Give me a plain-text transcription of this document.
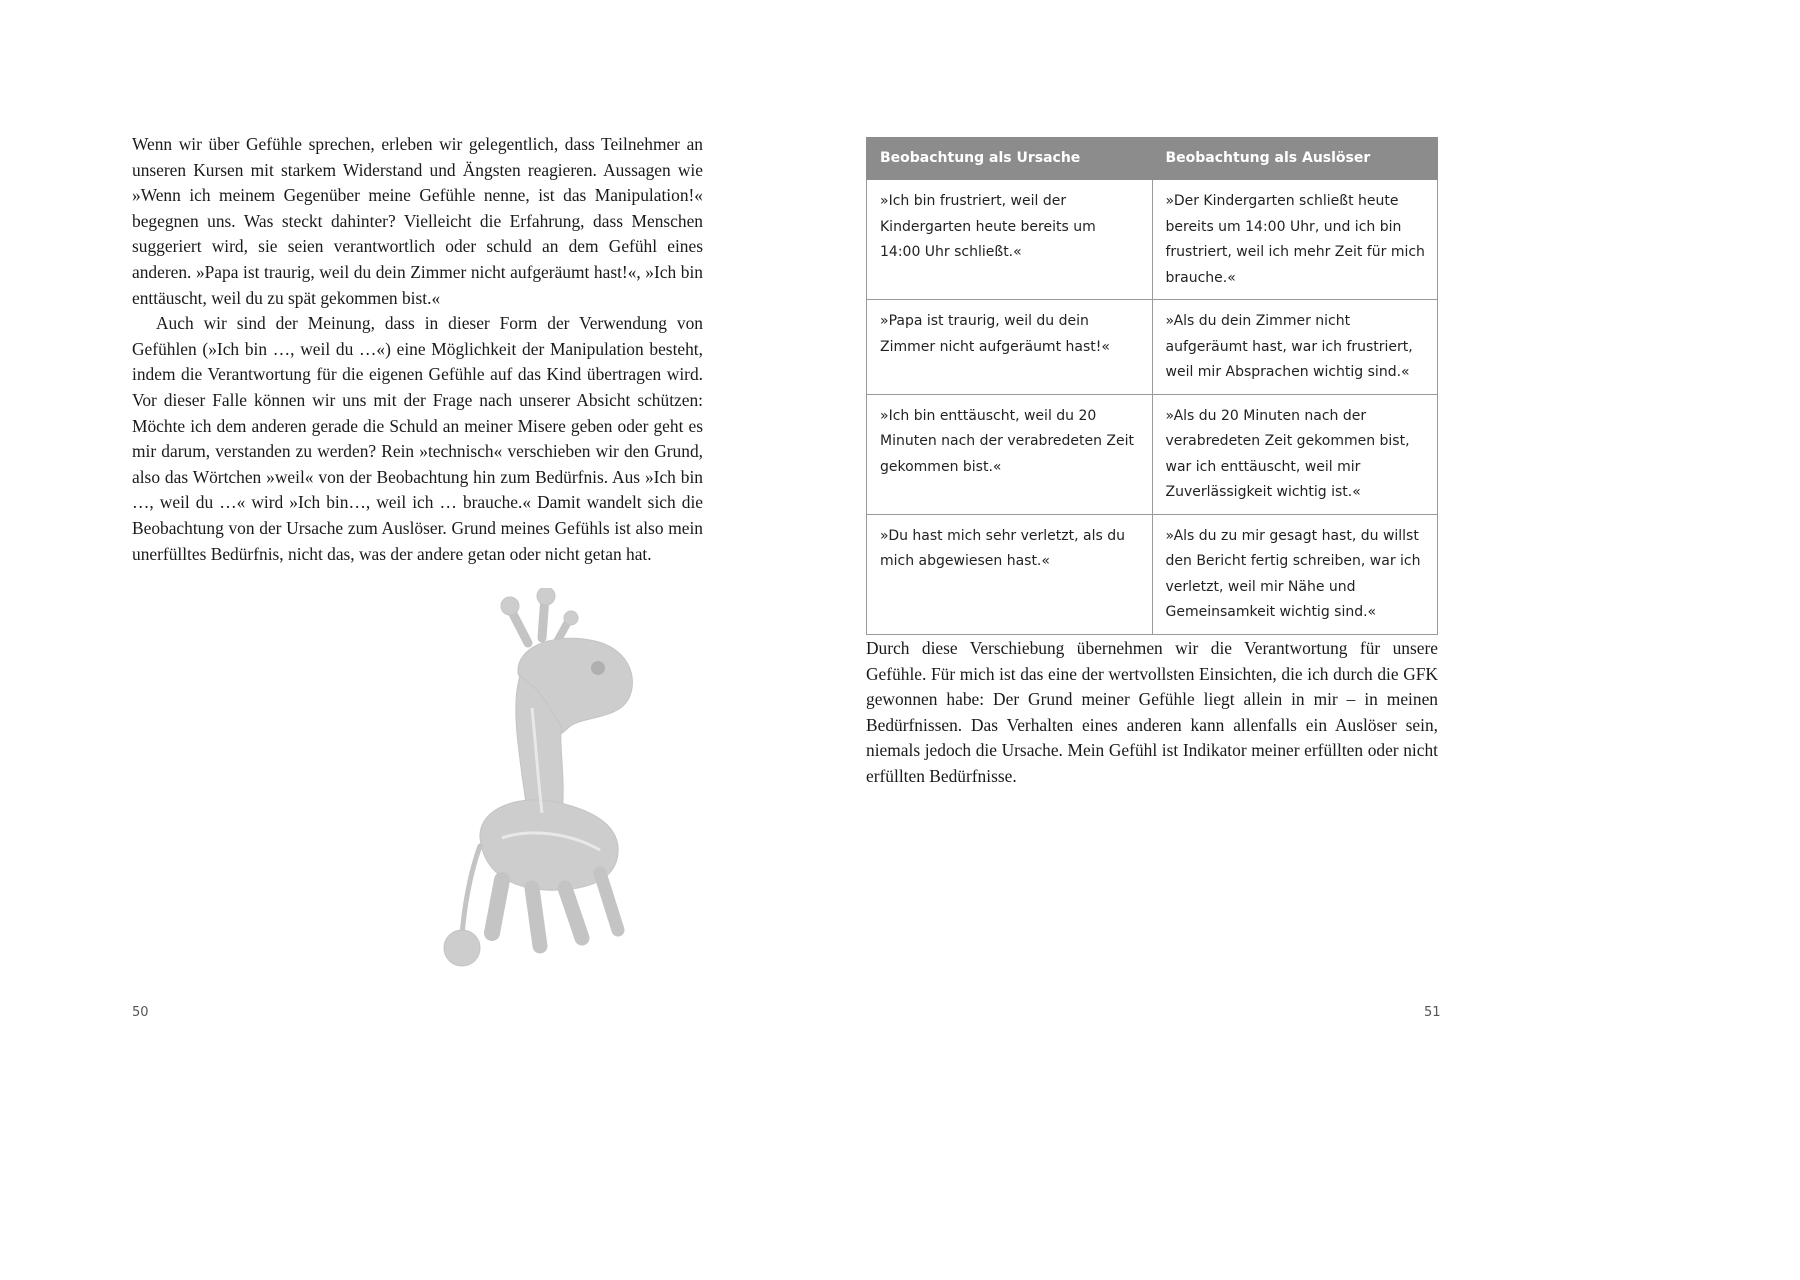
Wenn wir über Gefühle sprechen, erleben wir gelegentlich, dass Teilnehmer an unseren Kursen mit starkem Widerstand und Ängsten reagieren. Aussagen wie »Wenn ich meinem Gegenüber meine Gefühle nenne, ist das Manipulation!« begegnen uns. Was steckt dahinter? Vielleicht die Erfahrung, dass Menschen suggeriert wird, sie seien verantwortlich oder schuld an dem Gefühl eines anderen. »Papa ist traurig, weil du dein Zimmer nicht aufgeräumt hast!«, »Ich bin enttäuscht, weil du zu spät gekommen bist.«

Auch wir sind der Meinung, dass in dieser Form der Verwendung von Gefühlen (»Ich bin …, weil du …«) eine Möglichkeit der Manipulation besteht, indem die Verantwortung für die eigenen Gefühle auf das Kind übertragen wird. Vor dieser Falle können wir uns mit der Frage nach unserer Absicht schützen: Möchte ich dem anderen gerade die Schuld an meiner Misere geben oder geht es mir darum, verstanden zu werden? Rein »technisch« verschieben wir den Grund, also das Wörtchen »weil« von der Beobachtung hin zum Bedürfnis. Aus »Ich bin …, weil du …« wird »Ich bin…, weil ich … brauche.« Damit wandelt sich die Beobachtung von der Ursache zum Auslöser. Grund meines Gefühls ist also mein unerfülltes Bedürfnis, nicht das, was der andere getan oder nicht getan hat.

50
Beobachtung als Ursache	Beobachtung als Auslöser
»Ich bin frustriert, weil der Kindergarten heute bereits um 14:00 Uhr schließt.«	»Der Kindergarten schließt heute bereits um 14:00 Uhr, und ich bin frustriert, weil ich mehr Zeit für mich brauche.«
»Papa ist traurig, weil du dein Zimmer nicht aufgeräumt hast!«	»Als du dein Zimmer nicht aufgeräumt hast, war ich frustriert, weil mir Absprachen wichtig sind.«
»Ich bin enttäuscht, weil du 20 Minuten nach der verabredeten Zeit gekommen bist.«	»Als du 20 Minuten nach der verabredeten Zeit gekommen bist, war ich enttäuscht, weil mir Zuverlässigkeit wichtig ist.«
»Du hast mich sehr verletzt, als du mich abgewiesen hast.«	»Als du zu mir gesagt hast, du willst den Bericht fertig schreiben, war ich verletzt, weil mir Nähe und Gemeinsamkeit wichtig sind.«

Durch diese Verschiebung übernehmen wir die Verantwortung für unsere Gefühle. Für mich ist das eine der wertvollsten Einsichten, die ich durch die GFK gewonnen habe: Der Grund meiner Gefühle liegt allein in mir – in meinen Bedürfnissen. Das Verhalten eines anderen kann allenfalls ein Auslöser sein, niemals jedoch die Ursache. Mein Gefühl ist Indikator meiner erfüllten oder nicht erfüllten Bedürfnisse.

51
